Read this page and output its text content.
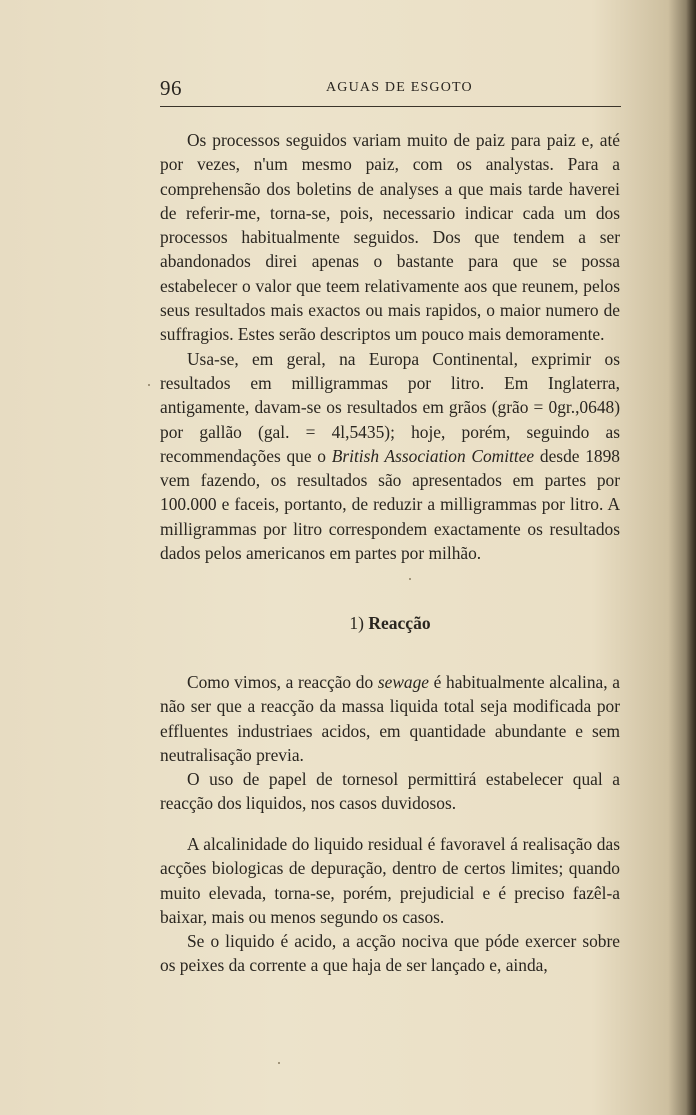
96	AGUAS DE ESGOTO

Os processos seguidos variam muito de paiz para paiz e, até por vezes, n'um mesmo paiz, com os analystas. Para a comprehensão dos boletins de analyses a que mais tarde haverei de referir-me, torna-se, pois, necessario indicar cada um dos processos habitualmente seguidos. Dos que tendem a ser abandonados direi apenas o bastante para que se possa estabelecer o valor que teem relativamente aos que reunem, pelos seus resultados mais exactos ou mais rapidos, o maior numero de suffragios. Estes serão descriptos um pouco mais demoramente.

Usa-se, em geral, na Europa Continental, exprimir os resultados em milligrammas por litro. Em Inglaterra, antigamente, davam-se os resultados em grãos (grão = 0gr.,0648) por gallão (gal. = 4l,5435); hoje, porém, seguindo as recommendações que o British Association Comittee desde 1898 vem fazendo, os resultados são apresentados em partes por 100.000 e faceis, portanto, de reduzir a milligrammas por litro. A milligrammas por litro correspondem exactamente os resultados dados pelos americanos em partes por milhão.

1) Reacção

Como vimos, a reacção do sewage é habitualmente alcalina, a não ser que a reacção da massa liquida total seja modificada por effluentes industriaes acidos, em quantidade abundante e sem neutralisação previa.

O uso de papel de tornesol permittirá estabelecer qual a reacção dos liquidos, nos casos duvidosos.

A alcalinidade do liquido residual é favoravel á realisação das acções biologicas de depuração, dentro de certos limites; quando muito elevada, torna-se, porém, prejudicial e é preciso fazêl-a baixar, mais ou menos segundo os casos.

Se o liquido é acido, a acção nociva que póde exercer sobre os peixes da corrente a que haja de ser lançado e, ainda,
